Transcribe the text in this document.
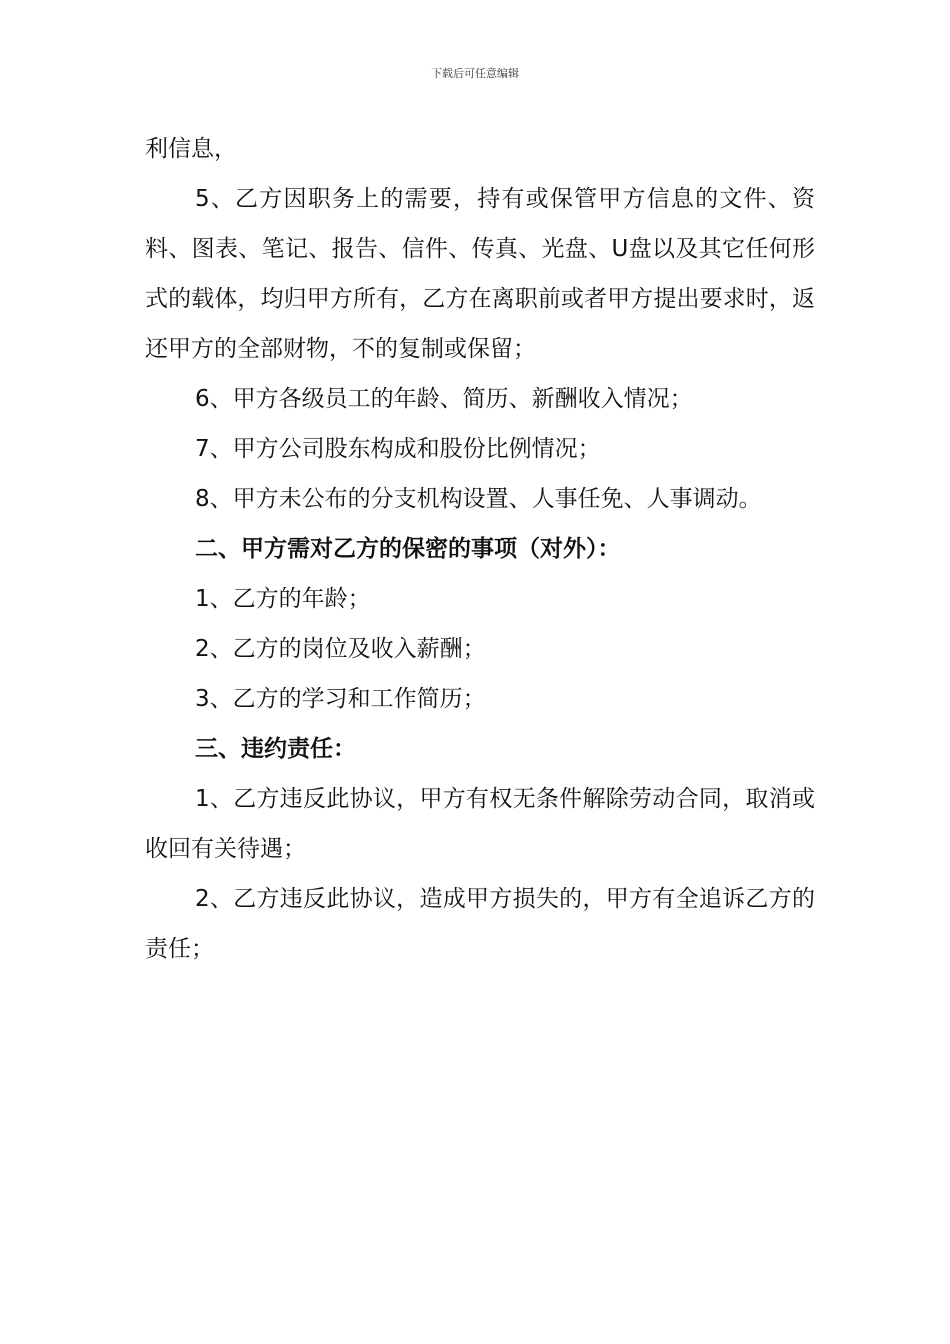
下载后可任意编辑

利信息，

5、乙方因职务上的需要，持有或保管甲方信息的文件、资料、图表、笔记、报告、信件、传真、光盘、U盘以及其它任何形式的载体，均归甲方所有，乙方在离职前或者甲方提出要求时，返还甲方的全部财物，不的复制或保留；

6、甲方各级员工的年龄、简历、新酬收入情况；

7、甲方公司股东构成和股份比例情况；

8、甲方未公布的分支机构设置、人事任免、人事调动。

二、甲方需对乙方的保密的事项（对外）：

1、乙方的年龄；

2、乙方的岗位及收入薪酬；

3、乙方的学习和工作简历；

三、违约责任：

1、乙方违反此协议，甲方有权无条件解除劳动合同，取消或收回有关待遇；

2、乙方违反此协议，造成甲方损失的，甲方有全追诉乙方的责任；
